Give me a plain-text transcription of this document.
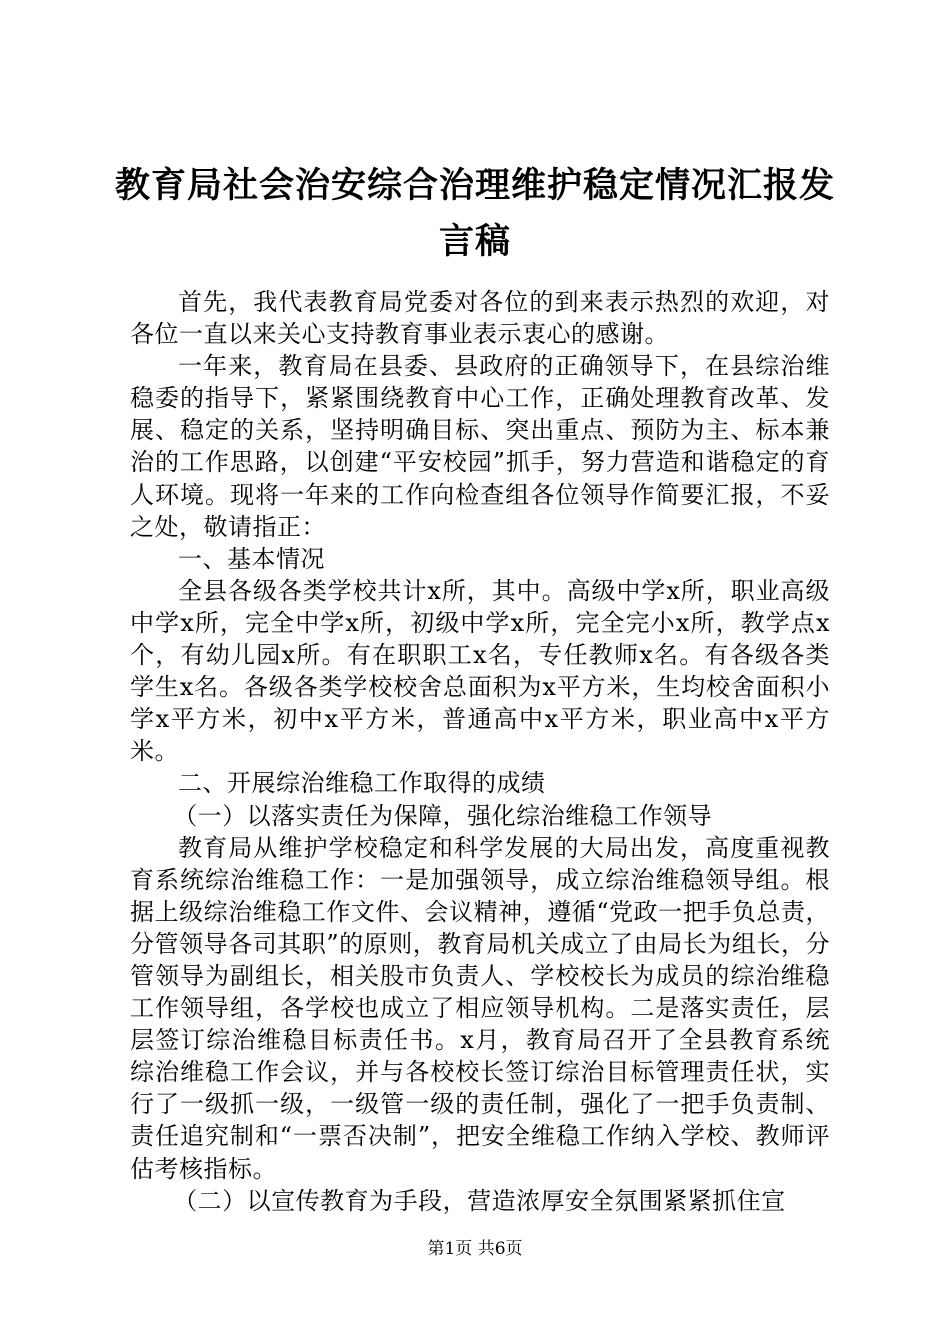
教育局社会治安综合治理维护稳定情况汇报发言稿

首先，我代表教育局党委对各位的到来表示热烈的欢迎，对各位一直以来关心支持教育事业表示衷心的感谢。

一年来，教育局在县委、县政府的正确领导下，在县综治维稳委的指导下，紧紧围绕教育中心工作，正确处理教育改革、发展、稳定的关系，坚持明确目标、突出重点、预防为主、标本兼治的工作思路，以创建“平安校园”抓手，努力营造和谐稳定的育人环境。现将一年来的工作向检查组各位领导作简要汇报，不妥之处，敬请指正：

一、基本情况

全县各级各类学校共计x所，其中。高级中学x所，职业高级中学x所，完全中学x所，初级中学x所，完全完小x所，教学点x个，有幼儿园x所。有在职职工x名，专任教师x名。有各级各类学生x名。各级各类学校校舍总面积为x平方米，生均校舍面积小学x平方米，初中x平方米，普通高中x平方米，职业高中x平方米。

二、开展综治维稳工作取得的成绩

（一）以落实责任为保障，强化综治维稳工作领导

教育局从维护学校稳定和科学发展的大局出发，高度重视教育系统综治维稳工作：一是加强领导，成立综治维稳领导组。根据上级综治维稳工作文件、会议精神，遵循“党政一把手负总责，分管领导各司其职”的原则，教育局机关成立了由局长为组长，分管领导为副组长，相关股市负责人、学校校长为成员的综治维稳工作领导组，各学校也成立了相应领导机构。二是落实责任，层层签订综治维稳目标责任书。x月，教育局召开了全县教育系统综治维稳工作会议，并与各校校长签订综治目标管理责任状，实行了一级抓一级，一级管一级的责任制，强化了一把手负责制、责任追究制和“一票否决制”，把安全维稳工作纳入学校、教师评估考核指标。

（二）以宣传教育为手段，营造浓厚安全氛围紧紧抓住宣

第1页 共6页
